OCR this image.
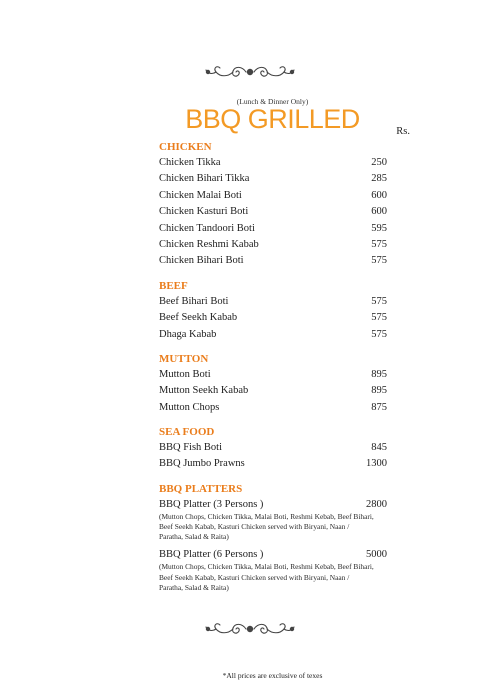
(Lunch & Dinner Only)
BBQ GRILLED	Rs.
CHICKEN
Chicken Tikka	250
Chicken Bihari Tikka	285
Chicken Malai Boti	600
Chicken Kasturi Boti	600
Chicken Tandoori Boti	595
Chicken Reshmi Kabab	575
Chicken Bihari Boti	575
BEEF
Beef Bihari Boti	575
Beef Seekh Kabab	575
Dhaga Kabab	575
MUTTON
Mutton Boti	895
Mutton Seekh Kabab	895
Mutton Chops	875
SEA FOOD
BBQ Fish Boti	845
BBQ Jumbo Prawns	1300
BBQ PLATTERS
BBQ Platter (3 Persons )	2800
(Mutton Chops, Chicken Tikka, Malai Boti, Reshmi Kebab, Beef Bihari, Beef Seekh Kabab, Kasturi Chicken served with Biryani, Naan / Paratha, Salad & Raita)
BBQ Platter (6 Persons )	5000
(Mutton Chops, Chicken Tikka, Malai Boti, Reshmi Kebab, Beef Bihari, Beef Seekh Kabab, Kasturi Chicken served with Biryani, Naan / Paratha, Salad & Raita)
*All prices are exclusive of texes
